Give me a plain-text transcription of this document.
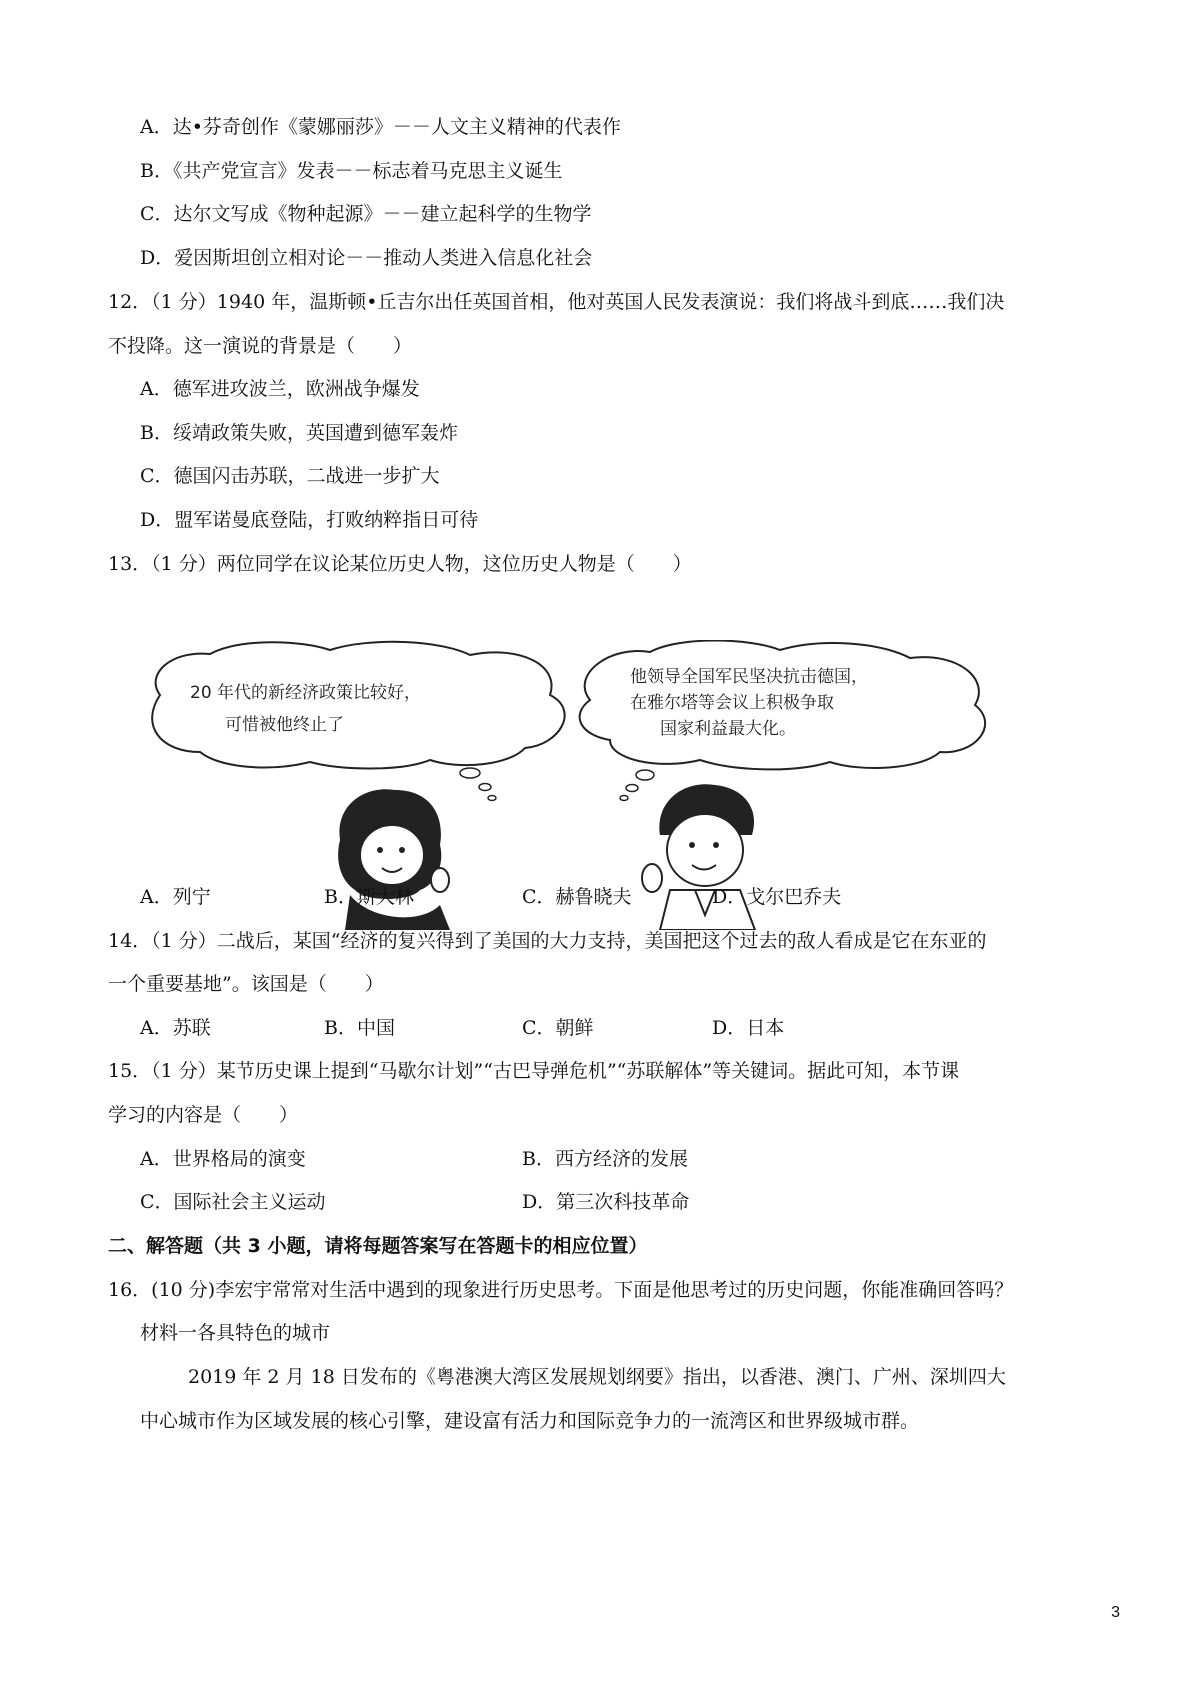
A．达•芬奇创作《蒙娜丽莎》－－人文主义精神的代表作
B．《共产党宣言》发表－－标志着马克思主义诞生
C．达尔文写成《物种起源》－－建立起科学的生物学
D．爱因斯坦创立相对论－－推动人类进入信息化社会
12．（1 分）1940 年，温斯顿•丘吉尔出任英国首相，他对英国人民发表演说：我们将战斗到底……我们决
不投降。这一演说的背景是（　　）
A．德军进攻波兰，欧洲战争爆发
B．绥靖政策失败，英国遭到德军轰炸
C．德国闪击苏联，二战进一步扩大
D．盟军诺曼底登陆，打败纳粹指日可待
13．（1 分）两位同学在议论某位历史人物，这位历史人物是（　　）
20 年代的新经济政策比较好，
可惜被他终止了
他领导全国军民坚决抗击德国，
在雅尔塔等会议上积极争取
国家利益最大化。
A．列宁	B．斯大林	C．赫鲁晓夫	D．戈尔巴乔夫
14．（1 分）二战后，某国“经济的复兴得到了美国的大力支持，美国把这个过去的敌人看成是它在东亚的
一个重要基地”。该国是（　　）
A．苏联	B．中国	C．朝鲜	D．日本
15．（1 分）某节历史课上提到“马歇尔计划”“古巴导弹危机”“苏联解体”等关键词。据此可知，本节课
学习的内容是（　　）
A．世界格局的演变	B．西方经济的发展
C．国际社会主义运动	D．第三次科技革命
二、解答题（共 3 小题，请将每题答案写在答题卡的相应位置）
16．(10 分)李宏宇常常对生活中遇到的现象进行历史思考。下面是他思考过的历史问题，你能准确回答吗？
材料一各具特色的城市
2019 年 2 月 18 日发布的《粤港澳大湾区发展规划纲要》指出，以香港、澳门、广州、深圳四大
中心城市作为区域发展的核心引擎，建设富有活力和国际竞争力的一流湾区和世界级城市群。
3
